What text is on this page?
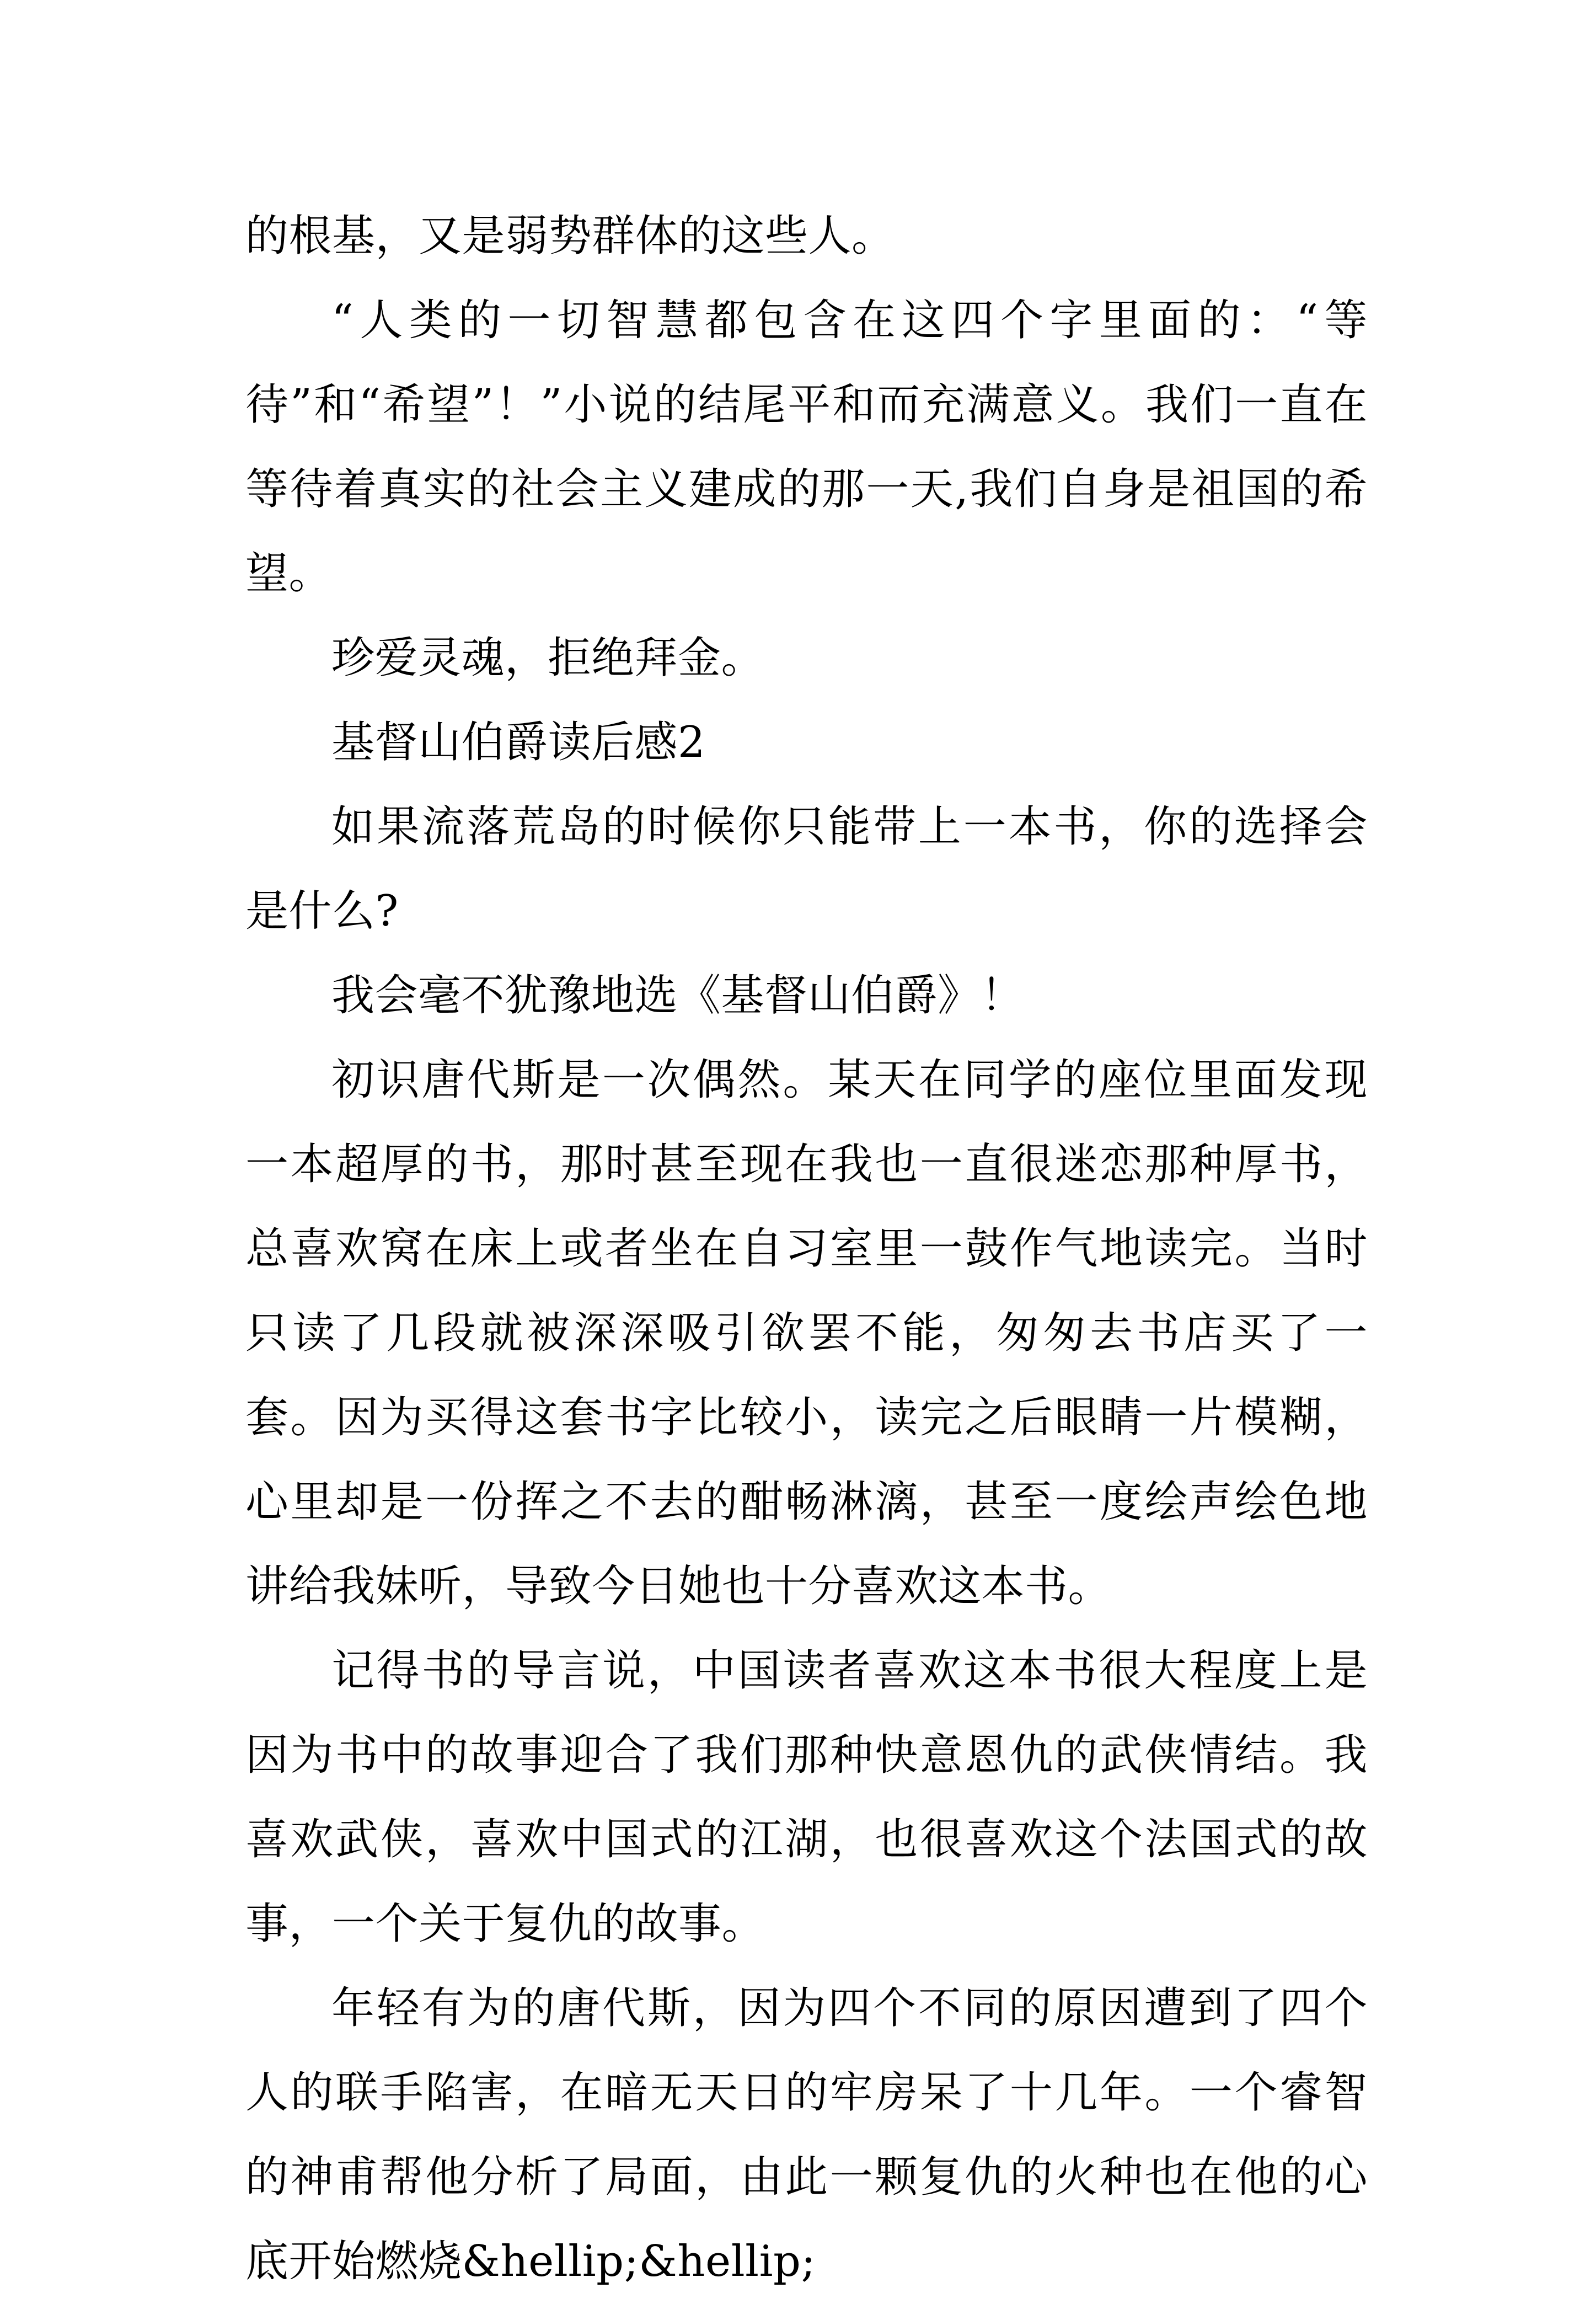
的根基，又是弱势群体的这些人。

“人类的一切智慧都包含在这四个字里面的：“等待”和“希望”！”小说的结尾平和而充满意义。我们一直在等待着真实的社会主义建成的那一天,我们自身是祖国的希望。

珍爱灵魂，拒绝拜金。

基督山伯爵读后感2

如果流落荒岛的时候你只能带上一本书，你的选择会是什么?

我会毫不犹豫地选《基督山伯爵》！

初识唐代斯是一次偶然。某天在同学的座位里面发现一本超厚的书，那时甚至现在我也一直很迷恋那种厚书，总喜欢窝在床上或者坐在自习室里一鼓作气地读完。当时只读了几段就被深深吸引欲罢不能，匆匆去书店买了一套。因为买得这套书字比较小，读完之后眼睛一片模糊，心里却是一份挥之不去的酣畅淋漓，甚至一度绘声绘色地讲给我妹听，导致今日她也十分喜欢这本书。

记得书的导言说，中国读者喜欢这本书很大程度上是因为书中的故事迎合了我们那种快意恩仇的武侠情结。我喜欢武侠，喜欢中国式的江湖，也很喜欢这个法国式的故事，一个关于复仇的故事。

年轻有为的唐代斯，因为四个不同的原因遭到了四个人的联手陷害，在暗无天日的牢房呆了十几年。一个睿智的神甫帮他分析了局面，由此一颗复仇的火种也在他的心底开始燃烧&hellip;&hellip;
